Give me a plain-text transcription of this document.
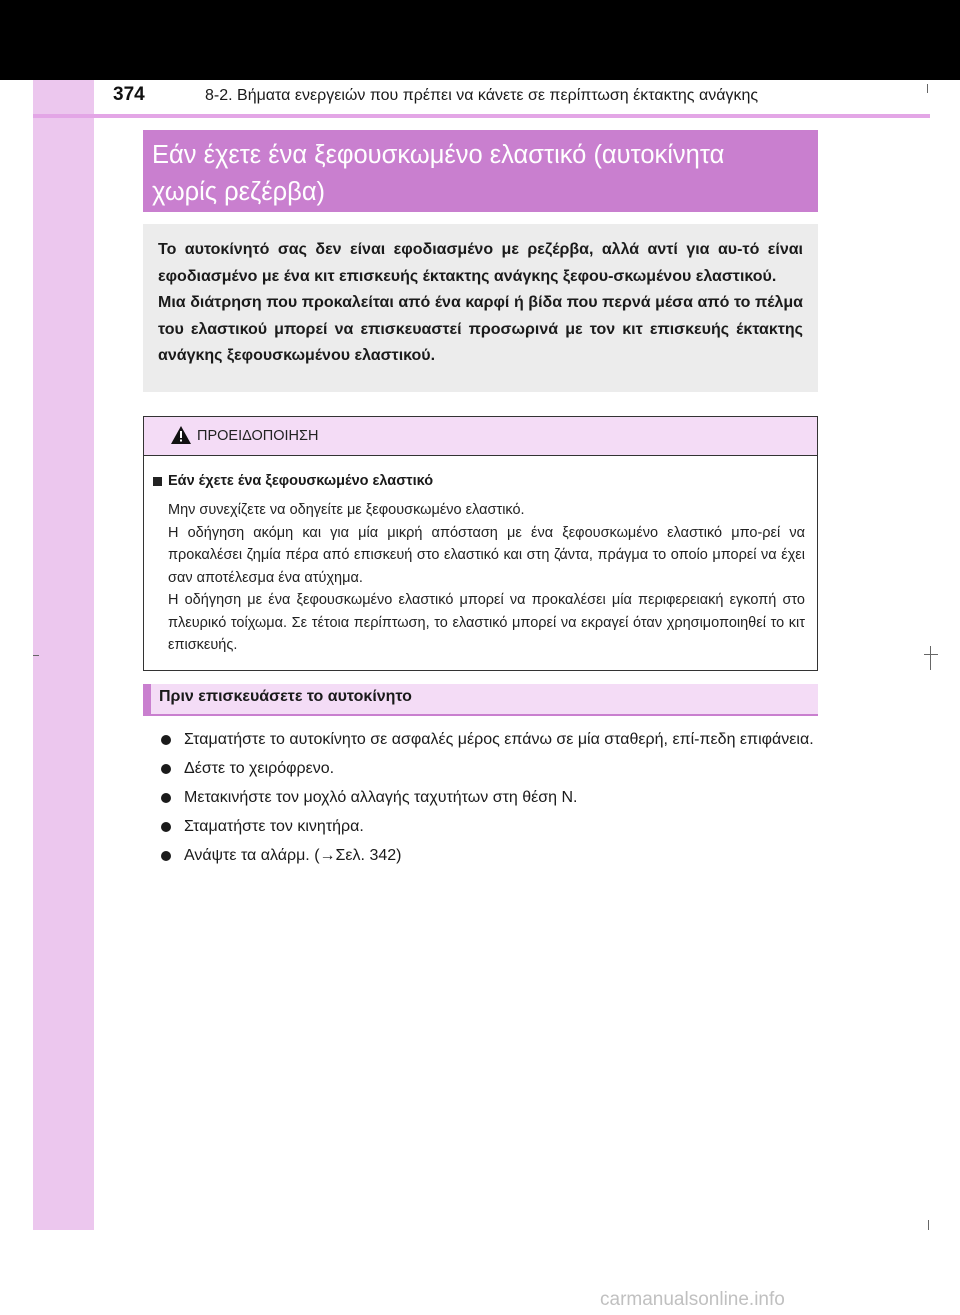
374	8-2. Βήματα ενεργειών που πρέπει να κάνετε σε περίπτωση έκτακτης ανάγκης
Εάν έχετε ένα ξεφουσκωμένο ελαστικό (αυτοκίνητα
χωρίς ρεζέρβα)

Το αυτοκίνητό σας δεν είναι εφοδιασμένο με ρεζέρβα, αλλά αντί για αυ-τό είναι εφοδιασμένο με ένα κιτ επισκευής έκτακτης ανάγκης ξεφου-σκωμένου ελαστικού.

Μια διάτρηση που προκαλείται από ένα καρφί ή βίδα που περνά μέσα από το πέλμα του ελαστικού μπορεί να επισκευαστεί προσωρινά με τον κιτ επισκευής έκτακτης ανάγκης ξεφουσκωμένου ελαστικού.

ΠΡΟΕΙΔΟΠΟΙΗΣΗ
Εάν έχετε ένα ξεφουσκωμένο ελαστικό

Μην συνεχίζετε να οδηγείτε με ξεφουσκωμένο ελαστικό.

Η οδήγηση ακόμη και για μία μικρή απόσταση με ένα ξεφουσκωμένο ελαστικό μπο-ρεί να προκαλέσει ζημία πέρα από επισκευή στο ελαστικό και στη ζάντα, πράγμα το οποίο μπορεί να έχει σαν αποτέλεσμα ένα ατύχημα.

Η οδήγηση με ένα ξεφουσκωμένο ελαστικό μπορεί να προκαλέσει μία περιφερειακή εγκοπή στο πλευρικό τοίχωμα. Σε τέτοια περίπτωση, το ελαστικό μπορεί να εκραγεί όταν χρησιμοποιηθεί το κιτ επισκευής.

Πριν επισκευάσετε το αυτοκίνητο
Σταματήστε το αυτοκίνητο σε ασφαλές μέρος επάνω σε μία σταθερή, επί-πεδη επιφάνεια.
Δέστε το χειρόφρενο.
Μετακινήστε τον μοχλό αλλαγής ταχυτήτων στη θέση N.
Σταματήστε τον κινητήρα.
Ανάψτε τα αλάρμ. (→Σελ. 342)
carmanualsonline.info
